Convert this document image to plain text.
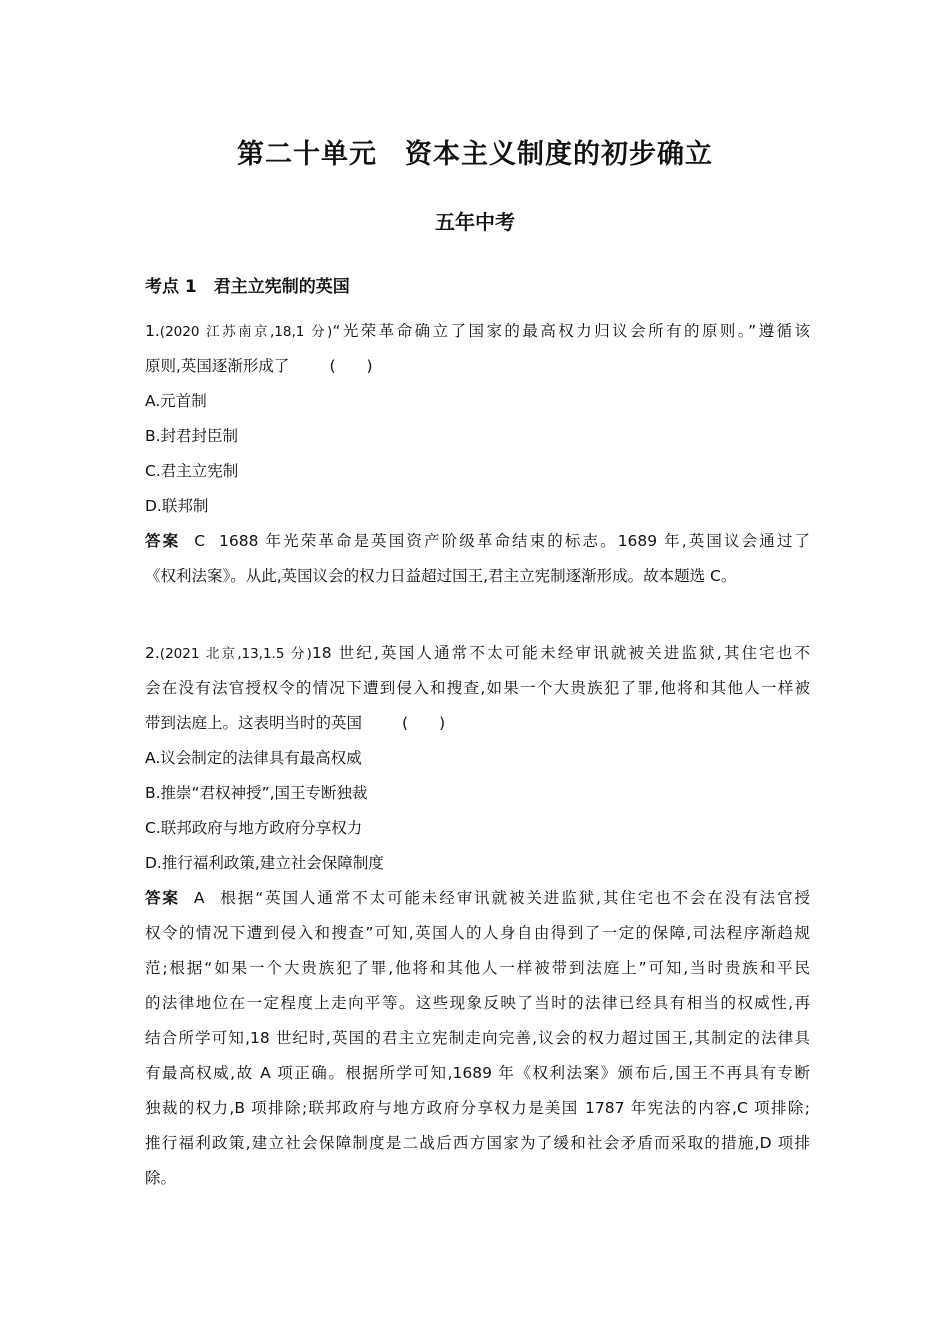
第二十单元　资本主义制度的初步确立
五年中考
考点 1　君主立宪制的英国
1.(2020 江苏南京,18,1 分)“光荣革命确立了国家的最高权力归议会所有的原则。”遵循该
原则,英国逐渐形成了	(　　)
A.元首制
B.封君封臣制
C.君主立宪制
D.联邦制
答案 C 1688 年光荣革命是英国资产阶级革命结束的标志。1689 年,英国议会通过了
《权利法案》。从此,英国议会的权力日益超过国王,君主立宪制逐渐形成。故本题选 C。
2.(2021 北京,13,1.5 分)18 世纪,英国人通常不太可能未经审讯就被关进监狱,其住宅也不
会在没有法官授权令的情况下遭到侵入和搜查,如果一个大贵族犯了罪,他将和其他人一样被
带到法庭上。这表明当时的英国	(　　)
A.议会制定的法律具有最高权威
B.推崇“君权神授”,国王专断独裁
C.联邦政府与地方政府分享权力
D.推行福利政策,建立社会保障制度
答案 A 根据“英国人通常不太可能未经审讯就被关进监狱,其住宅也不会在没有法官授
权令的情况下遭到侵入和搜查”可知,英国人的人身自由得到了一定的保障,司法程序渐趋规
范;根据“如果一个大贵族犯了罪,他将和其他人一样被带到法庭上”可知,当时贵族和平民
的法律地位在一定程度上走向平等。这些现象反映了当时的法律已经具有相当的权威性,再
结合所学可知,18 世纪时,英国的君主立宪制走向完善,议会的权力超过国王,其制定的法律具
有最高权威,故 A 项正确。根据所学可知,1689 年《权利法案》颁布后,国王不再具有专断
独裁的权力,B 项排除;联邦政府与地方政府分享权力是美国 1787 年宪法的内容,C 项排除;
推行福利政策,建立社会保障制度是二战后西方国家为了缓和社会矛盾而采取的措施,D 项排
除。
